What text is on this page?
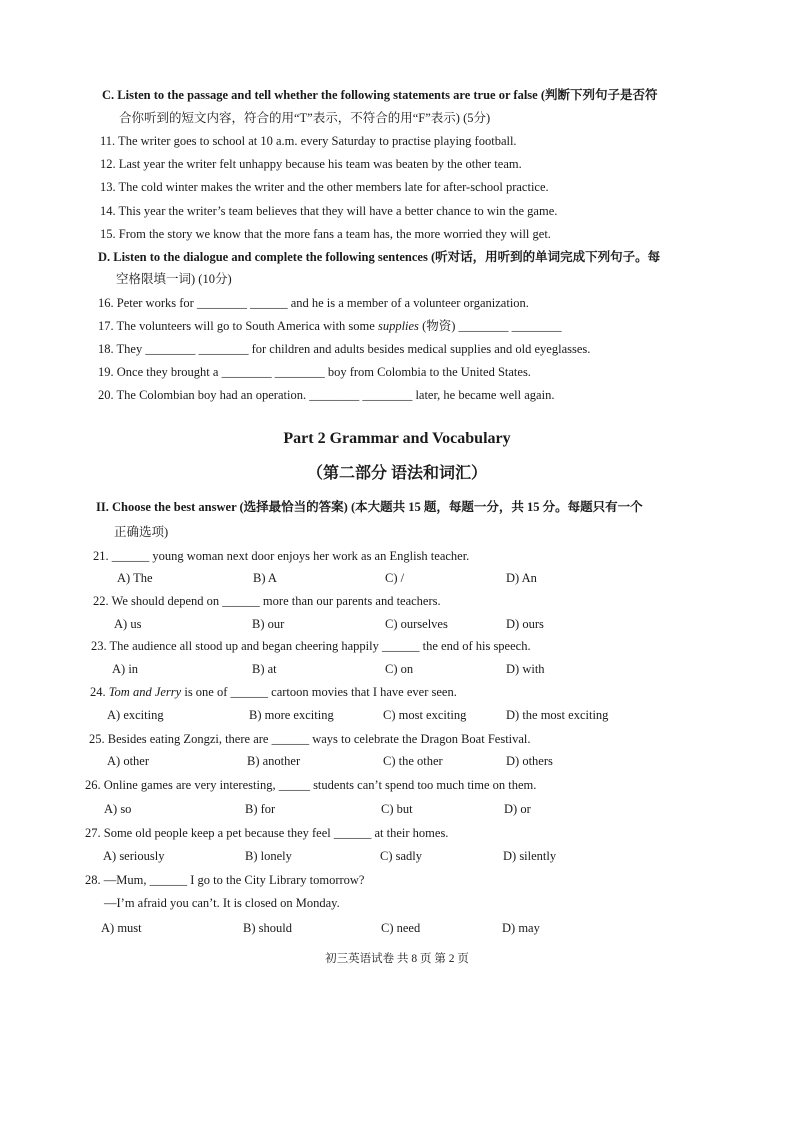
C. Listen to the passage and tell whether the following statements are true or false (判断下列句子是否符
合你听到的短文内容，符合的用“T”表示，不符合的用“F”表示) (5分)
11. The writer goes to school at 10 a.m. every Saturday to practise playing football.
12. Last year the writer felt unhappy because his team was beaten by the other team.
13. The cold winter makes the writer and the other members late for after-school practice.
14. This year the writer’s team believes that they will have a better chance to win the game.
15. From the story we know that the more fans a team has, the more worried they will get.
D. Listen to the dialogue and complete the following sentences (听对话，用听到的单词完成下列句子。每
空格限填一词) (10分)
16. Peter works for ________ ______ and he is a member of a volunteer organization.
17. The volunteers will go to South America with some supplies (物资) ________ ________
18. They ________ ________ for children and adults besides medical supplies and old eyeglasses.
19. Once they brought a ________ ________ boy from Colombia to the United States.
20. The Colombian boy had an operation. ________ ________ later, he became well again.
Part 2 Grammar and Vocabulary
（第二部分 语法和词汇）
II. Choose the best answer (选择最恰当的答案) (本大题共 15 题，每题一分，共 15 分。每题只有一个
正确选项)
21. ______ young woman next door enjoys her work as an English teacher.
A) The	B) A	C) /	D) An
22. We should depend on ______ more than our parents and teachers.
A) us	B) our	C) ourselves	D) ours
23. The audience all stood up and began cheering happily ______ the end of his speech.
A) in	B) at	C) on	D) with
24. Tom and Jerry is one of ______ cartoon movies that I have ever seen.
A) exciting	B) more exciting	C) most exciting	D) the most exciting
25. Besides eating Zongzi, there are ______ ways to celebrate the Dragon Boat Festival.
A) other	B) another	C) the other	D) others
26. Online games are very interesting, _____ students can’t spend too much time on them.
A) so	B) for	C) but	D) or
27. Some old people keep a pet because they feel ______ at their homes.
A) seriously	B) lonely	C) sadly	D) silently
28. —Mum, ______ I go to the City Library tomorrow?
—I’m afraid you can’t. It is closed on Monday.
A) must	B) should	C) need	D) may
初三英语试卷 共 8 页 第 2 页
